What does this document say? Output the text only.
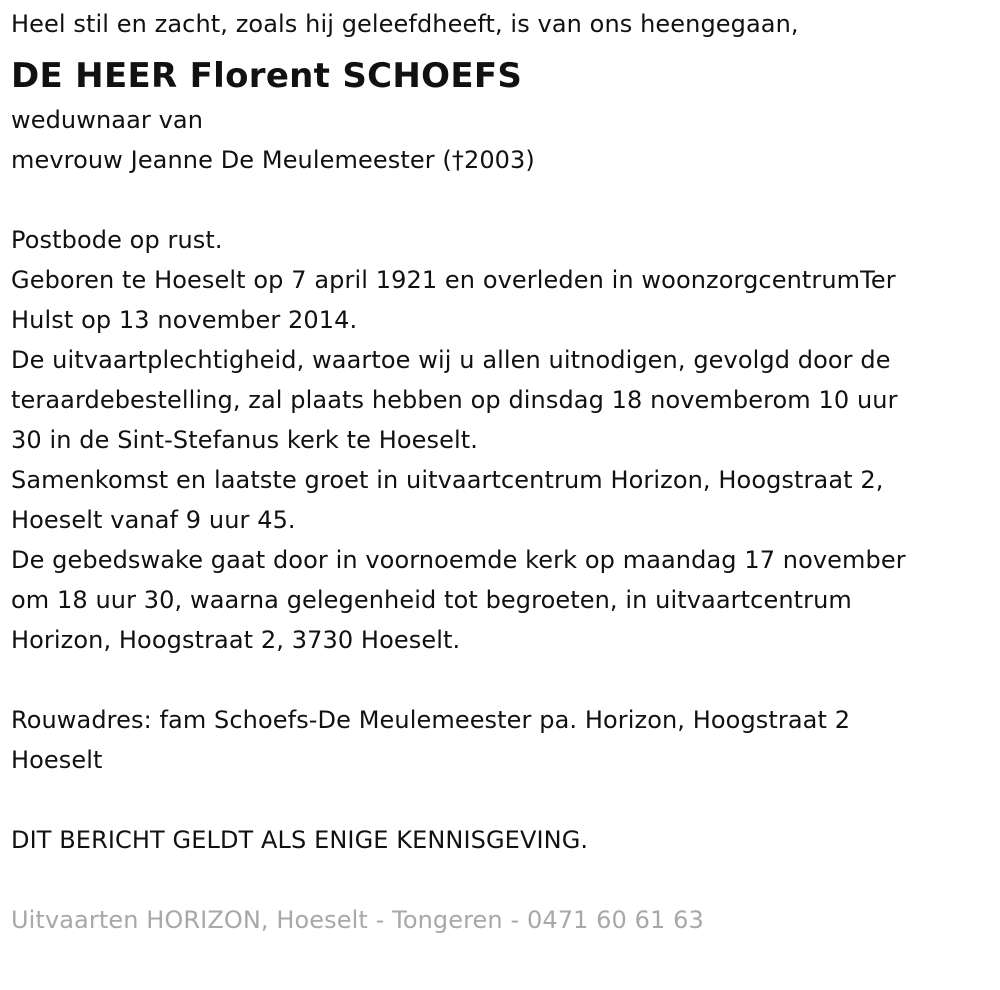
Heel stil en zacht, zoals hij geleefdheeft, is van ons heengegaan,
DE HEER Florent SCHOEFS
weduwnaar van
mevrouw Jeanne De Meulemeester (†2003)
Postbode op rust.
Geboren te Hoeselt op 7 april 1921 en overleden in woonzorgcentrumTer
Hulst op 13 november 2014.
De uitvaartplechtigheid, waartoe wij u allen uitnodigen, gevolgd door de
teraardebestelling, zal plaats hebben op dinsdag 18 novemberom 10 uur
30 in de Sint-Stefanus kerk te Hoeselt.
Samenkomst en laatste groet in uitvaartcentrum Horizon, Hoogstraat 2,
Hoeselt vanaf 9 uur 45.
De gebedswake gaat door in voornoemde kerk op maandag 17 november
om 18 uur 30, waarna gelegenheid tot begroeten, in uitvaartcentrum
Horizon, Hoogstraat 2, 3730 Hoeselt.
Rouwadres: fam Schoefs-De Meulemeester pa. Horizon, Hoogstraat 2
Hoeselt
DIT BERICHT GELDT ALS ENIGE KENNISGEVING.
Uitvaarten HORIZON, Hoeselt - Tongeren - 0471 60 61 63
